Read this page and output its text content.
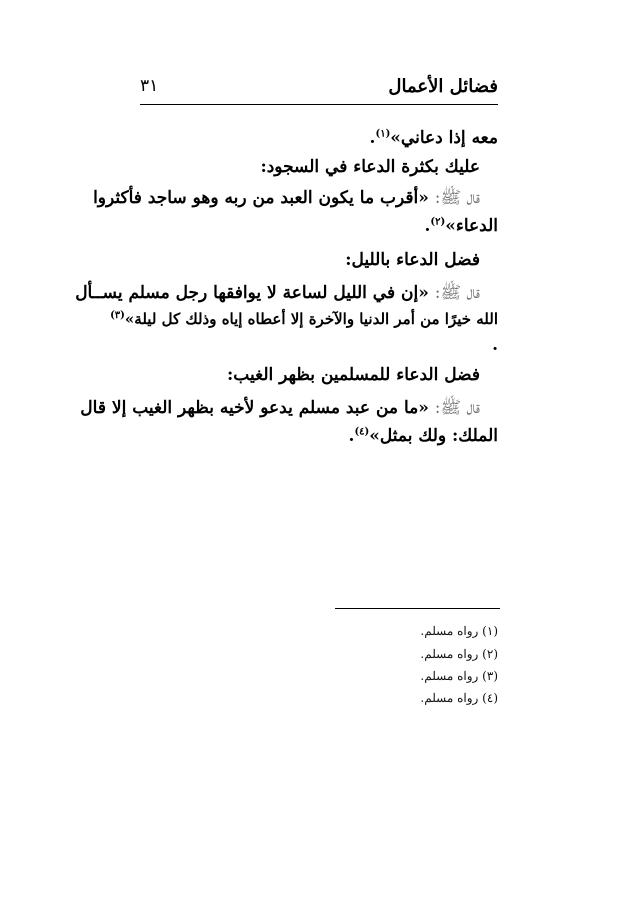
فضائل الأعمال
٣١
معه إذا دعاني»$^{(١)}$.
عليك بكثرة الدعاء في السجود:
قال ﷺ: «أقرب ما يكون العبد من ربه وهو ساجد فأكثروا
الدعاء»$^{(٢)}$.
فضل الدعاء بالليل:
قال ﷺ: «إن في الليل لساعة لا يوافقها رجل مسلم يســأل
الله خيرًا من أمر الدنيا والآخرة إلا أعطاه إياه وذلك كل ليلة»$^{(٣)}$
.
فضل الدعاء للمسلمين بظهر الغيب:
قال ﷺ: «ما من عبد مسلم يدعو لأخيه بظهر الغيب إلا قال
الملك: ولك بمثل»$^{(٤)}$.
(١) رواه مسلم.
(٢) رواه مسلم.
(٣) رواه مسلم.
(٤) رواه مسلم.
